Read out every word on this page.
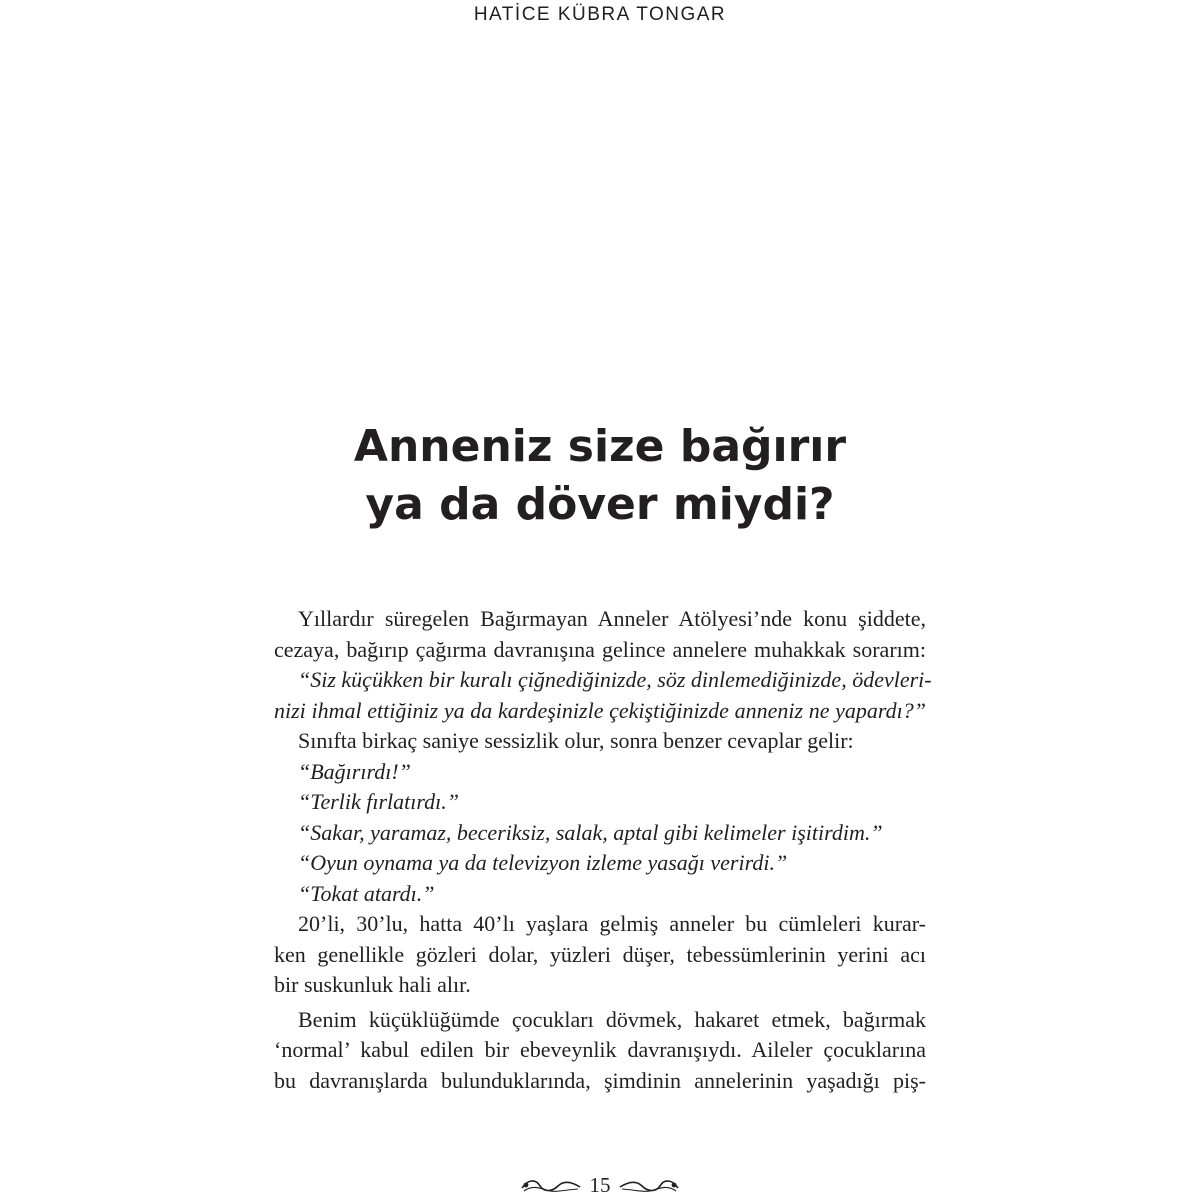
HATİCE KÜBRA TONGAR
Anneniz size bağırır
ya da döver miydi?
Yıllardır süregelen Bağırmayan Anneler Atölyesi’nde konu şiddete,
cezaya, bağırıp çağırma davranışına gelince annelere muhakkak sorarım:
“Siz küçükken bir kuralı çiğnediğinizde, söz dinlemediğinizde, ödevleri-
nizi ihmal ettiğiniz ya da kardeşinizle çekiştiğinizde anneniz ne yapardı?”
Sınıfta birkaç saniye sessizlik olur, sonra benzer cevaplar gelir:
“Bağırırdı!”
“Terlik fırlatırdı.”
“Sakar, yaramaz, beceriksiz, salak, aptal gibi kelimeler işitirdim.”
“Oyun oynama ya da televizyon izleme yasağı verirdi.”
“Tokat atardı.”
20’li, 30’lu, hatta 40’lı yaşlara gelmiş anneler bu cümleleri kurar-
ken genellikle gözleri dolar, yüzleri düşer, tebessümlerinin yerini acı
bir suskunluk hali alır.
Benim küçüklüğümde çocukları dövmek, hakaret etmek, bağırmak
‘normal’ kabul edilen bir ebeveynlik davranışıydı. Aileler çocuklarına
bu davranışlarda bulunduklarında, şimdinin annelerinin yaşadığı piş-
15
